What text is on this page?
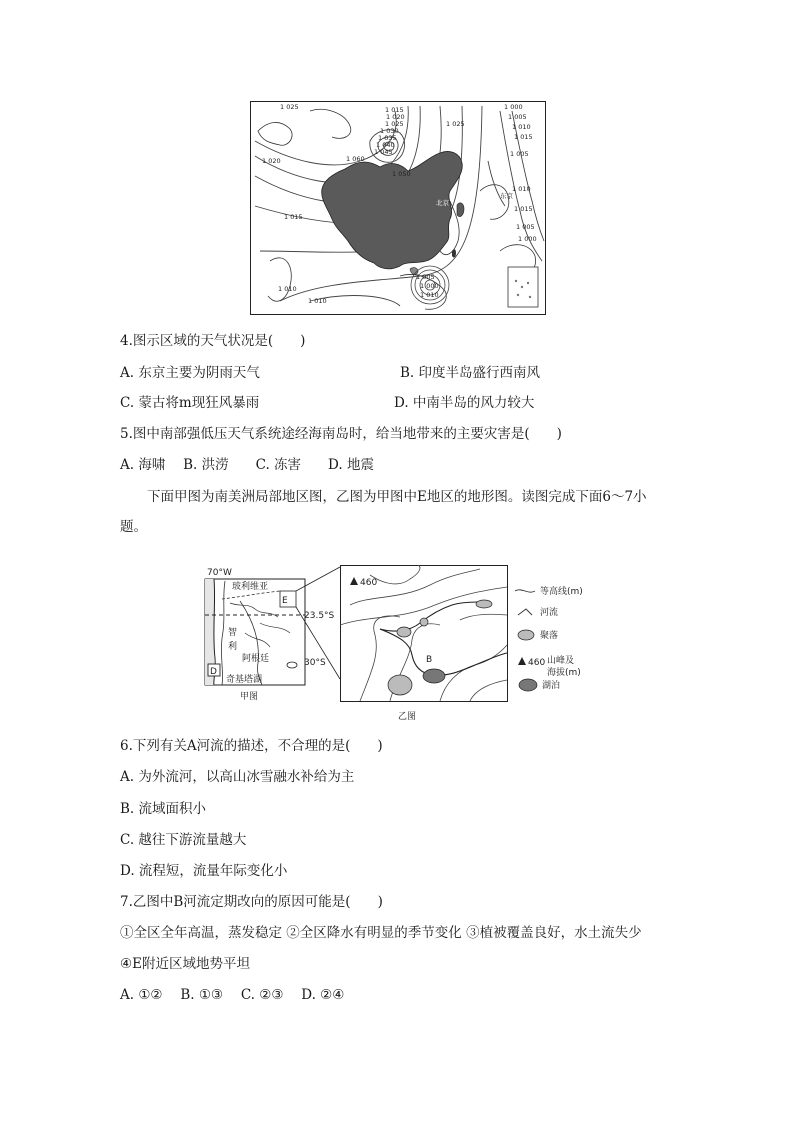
1 025
1 020
1 015
1 015
1 020
1 025
1 030
1 035
1 040
1 045
1 050
1 060
1 025
1 000
1 005
1 010
1 015
1 005
1 010
1 015
1 005
1 000
1 005
1 000
1 010
1 010
1 010
北京
东京
4.图示区域的天气状况是(　　)
A. 东京主要为阴雨天气	B. 印度半岛盛行西南风
C. 蒙古将m现狂风暴雨	D. 中南半岛的风力较大
5.图中南部强低压天气系统途经海南岛时，给当地带来的主要灾害是(　　)
A. 海啸　 B. 洪涝　　C. 冻害　　D. 地震
下面甲图为南美洲局部地区图，乙图为甲图中E地区的地形图。读图完成下面6～7小
题。
70°W
玻利维亚
E
23.5°S
智
利
阿根廷	30°S
D
奇基塔湖
甲图
460
B
乙图
等高线(m)
河流
聚落
460 山峰及
海拔(m)
湖泊
6.下列有关A河流的描述，不合理的是(　　)
A. 为外流河，以高山冰雪融水补给为主
B. 流域面积小
C. 越往下游流量越大
D. 流程短，流量年际变化小
7.乙图中B河流定期改向的原因可能是(　　)
①全区全年高温，蒸发稳定 ②全区降水有明显的季节变化 ③植被覆盖良好，水土流失少
④E附近区域地势平坦
A. ①②　 B. ①③　 C. ②③　 D. ②④
